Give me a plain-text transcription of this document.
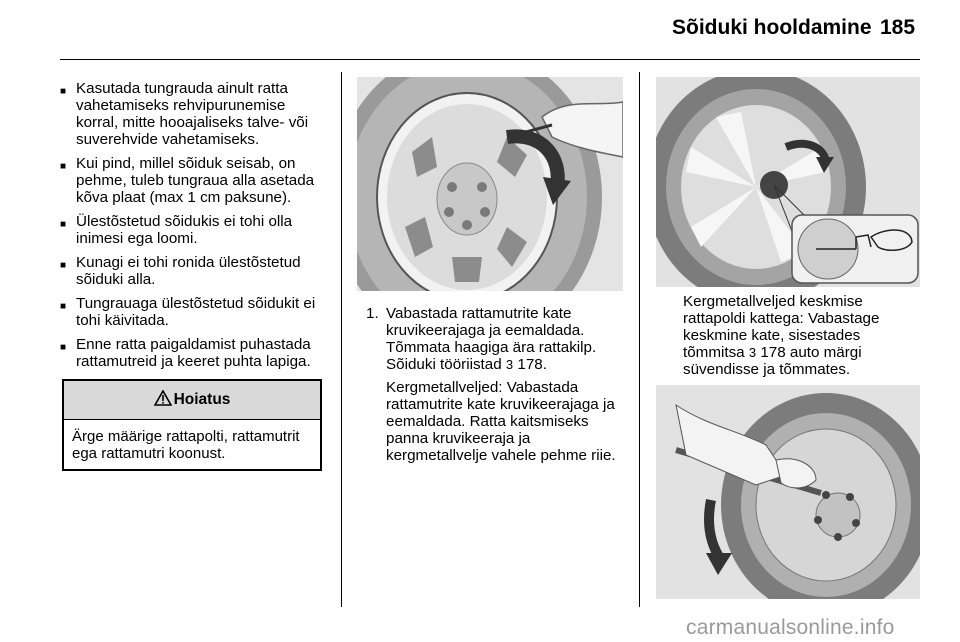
Sõiduki hooldamine 185
■ Kasutada tungrauda ainult ratta vahetamiseks rehvipurunemise korral, mitte hooajaliseks talve- või suverehvide vahetamiseks.
■ Kui pind, millel sõiduk seisab, on pehme, tuleb tungraua alla asetada kõva plaat (max 1 cm paksune).
■ Ülestõstetud sõidukis ei tohi olla inimesi ega loomi.
■ Kunagi ei tohi ronida ülestõstetud sõiduki alla.
■ Tungrauaga ülestõstetud sõidukit ei tohi käivitada.
■ Enne ratta paigaldamist puhastada rattamutreid ja keeret puhta lapiga.
Hoiatus
Ärge määrige rattapolti, rattamutrit ega rattamutri koonust.
1. Vabastada rattamutrite kate kruvikeerajaga ja eemaldada. Tõmmata haagiga ära rattakilp. Sõiduki tööriistad 3 178.
Kergmetallveljed: Vabastada rattamutrite kate kruvikeerajaga ja eemaldada. Ratta kaitsmiseks panna kruvikeeraja ja kergmetallvelje vahele pehme riie.
Kergmetallveljed keskmise rattapoldi kattega: Vabastage keskmine kate, sisestades tõmmitsa 3 178 auto märgi süvendisse ja tõmmates.
carmanualsonline.info
